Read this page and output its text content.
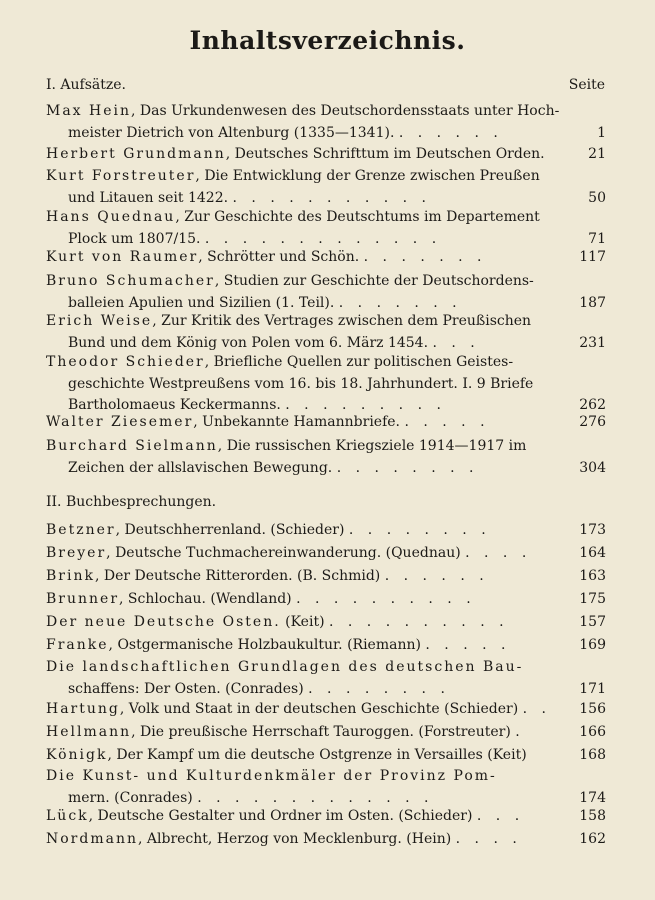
Inhaltsverzeichnis.
I. Aufsätze.	Seite
Max Hein, Das Urkundenwesen des Deutschordensstaats unter Hoch-
meister Dietrich von Altenburg (1335—1341). . . . . . .	1
Herbert Grundmann, Deutsches Schrifttum im Deutschen Orden.	21
Kurt Forstreuter, Die Entwicklung der Grenze zwischen Preußen
und Litauen seit 1422. . . . . . . . . . . .	50
Hans Quednau, Zur Geschichte des Deutschtums im Departement
Plock um 1807/15. . . . . . . . . . . . . .	71
Kurt von Raumer, Schrötter und Schön. . . . . . . .	117
Bruno Schumacher, Studien zur Geschichte der Deutschordens-
balleien Apulien und Sizilien (1. Teil). . . . . . . .	187
Erich Weise, Zur Kritik des Vertrages zwischen dem Preußischen
Bund und dem König von Polen vom 6. März 1454. . . .	231
Theodor Schieder, Briefliche Quellen zur politischen Geistes-
geschichte Westpreußens vom 16. bis 18. Jahrhundert. I. 9 Briefe
Bartholomaeus Keckermanns. . . . . . . . . .	262
Walter Ziesemer, Unbekannte Hamannbriefe. . . . . .	276
Burchard Sielmann, Die russischen Kriegsziele 1914—1917 im
Zeichen der allslavischen Bewegung. . . . . . . . .	304
II. Buchbesprechungen.
Betzner, Deutschherrenland. (Schieder) . . . . . . . .	173
Breyer, Deutsche Tuchmachereinwanderung. (Quednau) . . . .	164
Brink, Der Deutsche Ritterorden. (B. Schmid) . . . . . .	163
Brunner, Schlochau. (Wendland) . . . . . . . . . .	175
Der neue Deutsche Osten. (Keit) . . . . . . . . . .	157
Franke, Ostgermanische Holzbaukultur. (Riemann) . . . . .	169
Die landschaftlichen Grundlagen des deutschen Bau-
schaffens: Der Osten. (Conrades) . . . . . . . .	171
Hartung, Volk und Staat in der deutschen Geschichte (Schieder) . .	156
Hellmann, Die preußische Herrschaft Tauroggen. (Forstreuter) .	166
Königk, Der Kampf um die deutsche Ostgrenze in Versailles (Keit)	168
Die Kunst- und Kulturdenkmäler der Provinz Pom-
mern. (Conrades) . . . . . . . . . . . . .	174
Lück, Deutsche Gestalter und Ordner im Osten. (Schieder) . . .	158
Nordmann, Albrecht, Herzog von Mecklenburg. (Hein) . . . .	162
